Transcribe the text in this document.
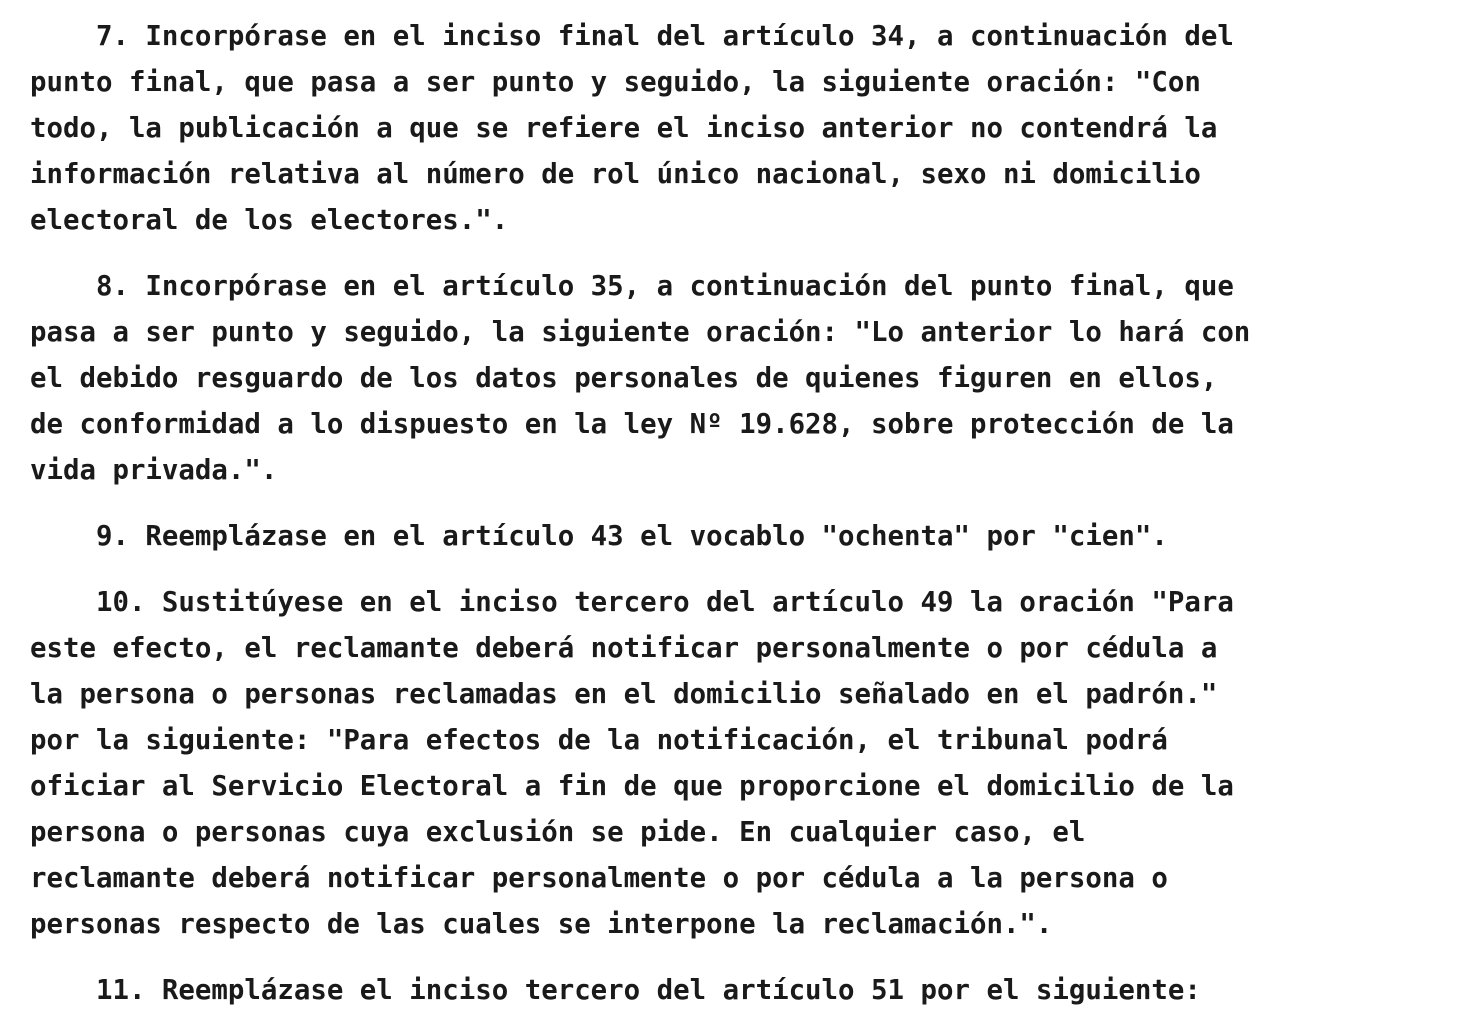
7. Incorpórase en el inciso final del artículo 34, a continuación del
punto final, que pasa a ser punto y seguido, la siguiente oración: "Con
todo, la publicación a que se refiere el inciso anterior no contendrá la
información relativa al número de rol único nacional, sexo ni domicilio
electoral de los electores.".
8. Incorpórase en el artículo 35, a continuación del punto final, que
pasa a ser punto y seguido, la siguiente oración: "Lo anterior lo hará con
el debido resguardo de los datos personales de quienes figuren en ellos,
de conformidad a lo dispuesto en la ley Nº 19.628, sobre protección de la
vida privada.".
9. Reemplázase en el artículo 43 el vocablo "ochenta" por "cien".
10. Sustitúyese en el inciso tercero del artículo 49 la oración "Para
este efecto, el reclamante deberá notificar personalmente o por cédula a
la persona o personas reclamadas en el domicilio señalado en el padrón."
por la siguiente: "Para efectos de la notificación, el tribunal podrá
oficiar al Servicio Electoral a fin de que proporcione el domicilio de la
persona o personas cuya exclusión se pide. En cualquier caso, el
reclamante deberá notificar personalmente o por cédula a la persona o
personas respecto de las cuales se interpone la reclamación.".
11. Reemplázase el inciso tercero del artículo 51 por el siguiente:
